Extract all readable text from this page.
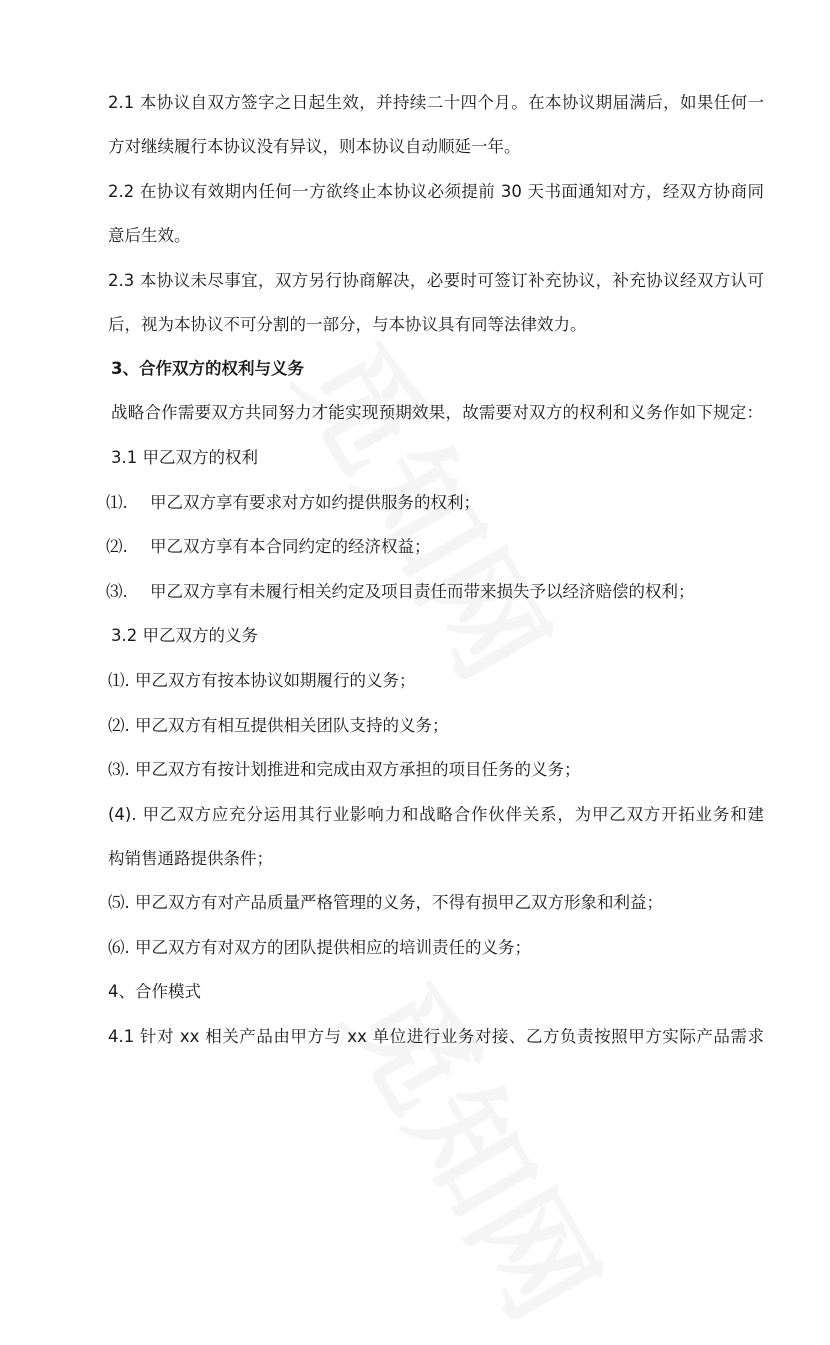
2.1 本协议自双方签字之日起生效，并持续二十四个月。在本协议期届满后，如果任何一
方对继续履行本协议没有异议，则本协议自动顺延一年。
2.2 在协议有效期内任何一方欲终止本协议必须提前 30 天书面通知对方，经双方协商同
意后生效。
2.3 本协议未尽事宜，双方另行协商解决，必要时可签订补充协议，补充协议经双方认可
后，视为本协议不可分割的一部分，与本协议具有同等法律效力。
3、合作双方的权利与义务
战略合作需要双方共同努力才能实现预期效果，故需要对双方的权利和义务作如下规定：
3.1 甲乙双方的权利
⑴. 甲乙双方享有要求对方如约提供服务的权利；
⑵. 甲乙双方享有本合同约定的经济权益；
⑶. 甲乙双方享有未履行相关约定及项目责任而带来损失予以经济赔偿的权利；
3.2 甲乙双方的义务
⑴. 甲乙双方有按本协议如期履行的义务；
⑵. 甲乙双方有相互提供相关团队支持的义务；
⑶. 甲乙双方有按计划推进和完成由双方承担的项目任务的义务；
(4). 甲乙双方应充分运用其行业影响力和战略合作伙伴关系，为甲乙双方开拓业务和建
构销售通路提供条件；
⑸. 甲乙双方有对产品质量严格管理的义务，不得有损甲乙双方形象和利益；
⑹. 甲乙双方有对双方的团队提供相应的培训责任的义务；
4、合作模式
4.1 针对 xx 相关产品由甲方与 xx 单位进行业务对接、乙方负责按照甲方实际产品需求
